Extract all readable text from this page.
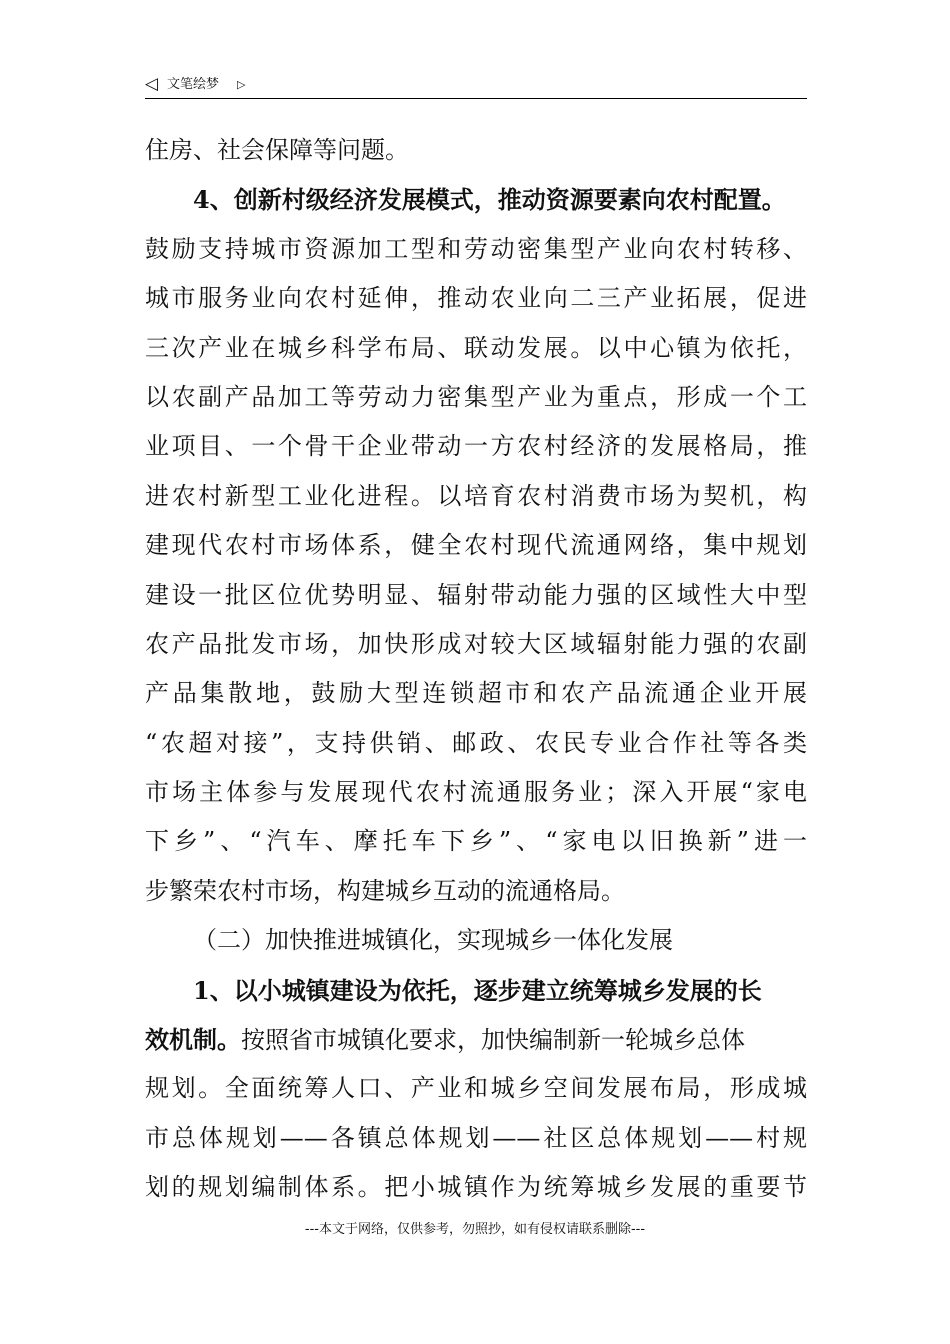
◁ 文笔绘梦 ▷
住房、社会保障等问题。
4、创新村级经济发展模式，推动资源要素向农村配置。
鼓励支持城市资源加工型和劳动密集型产业向农村转移、
城市服务业向农村延伸，推动农业向二三产业拓展，促进
三次产业在城乡科学布局、联动发展。以中心镇为依托，
以农副产品加工等劳动力密集型产业为重点，形成一个工
业项目、一个骨干企业带动一方农村经济的发展格局，推
进农村新型工业化进程。以培育农村消费市场为契机，构
建现代农村市场体系，健全农村现代流通网络，集中规划
建设一批区位优势明显、辐射带动能力强的区域性大中型
农产品批发市场，加快形成对较大区域辐射能力强的农副
产品集散地，鼓励大型连锁超市和农产品流通企业开展
“农超对接”，支持供销、邮政、农民专业合作社等各类
市场主体参与发展现代农村流通服务业；深入开展“家电
下乡”、“汽车、摩托车下乡”、“家电以旧换新”进一
步繁荣农村市场，构建城乡互动的流通格局。
（二）加快推进城镇化，实现城乡一体化发展
1、以小城镇建设为依托，逐步建立统筹城乡发展的长
效机制。按照省市城镇化要求，加快编制新一轮城乡总体
规划。全面统筹人口、产业和城乡空间发展布局，形成城
市总体规划——各镇总体规划——社区总体规划——村规
划的规划编制体系。把小城镇作为统筹城乡发展的重要节
---本文于网络，仅供参考，勿照抄，如有侵权请联系删除---
